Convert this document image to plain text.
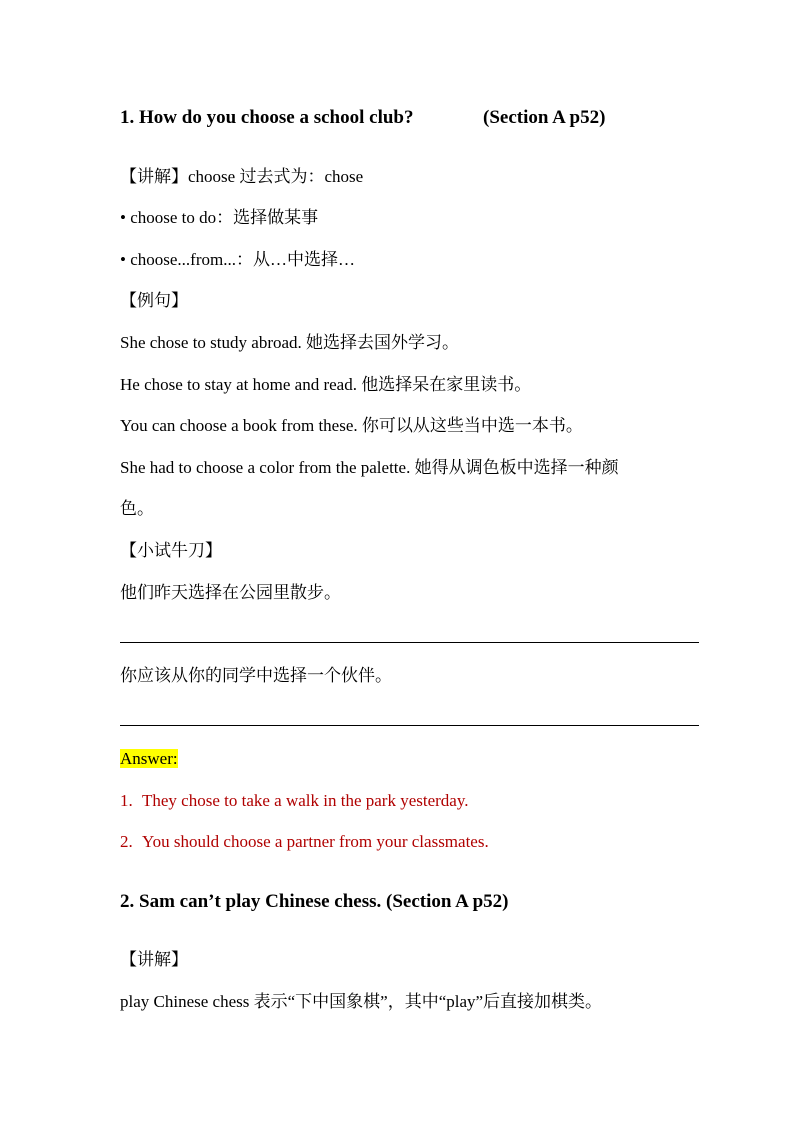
1. How do you choose a school club?	(Section A p52)
【讲解】choose 过去式为：chose
• choose to do：选择做某事
• choose...from...：从…中选择…
【例句】
She chose to study abroad. 她选择去国外学习。
He chose to stay at home and read. 他选择呆在家里读书。
You can choose a book from these. 你可以从这些当中选一本书。
She had to choose a color from the palette. 她得从调色板中选择一种颜
色。
【小试牛刀】
他们昨天选择在公园里散步。
你应该从你的同学中选择一个伙伴。
Answer:
1. They chose to take a walk in the park yesterday.
2. You should choose a partner from your classmates.
2. Sam can’t play Chinese chess. (Section A p52)
【讲解】
play Chinese chess 表示“下中国象棋”，其中“play”后直接加棋类。
